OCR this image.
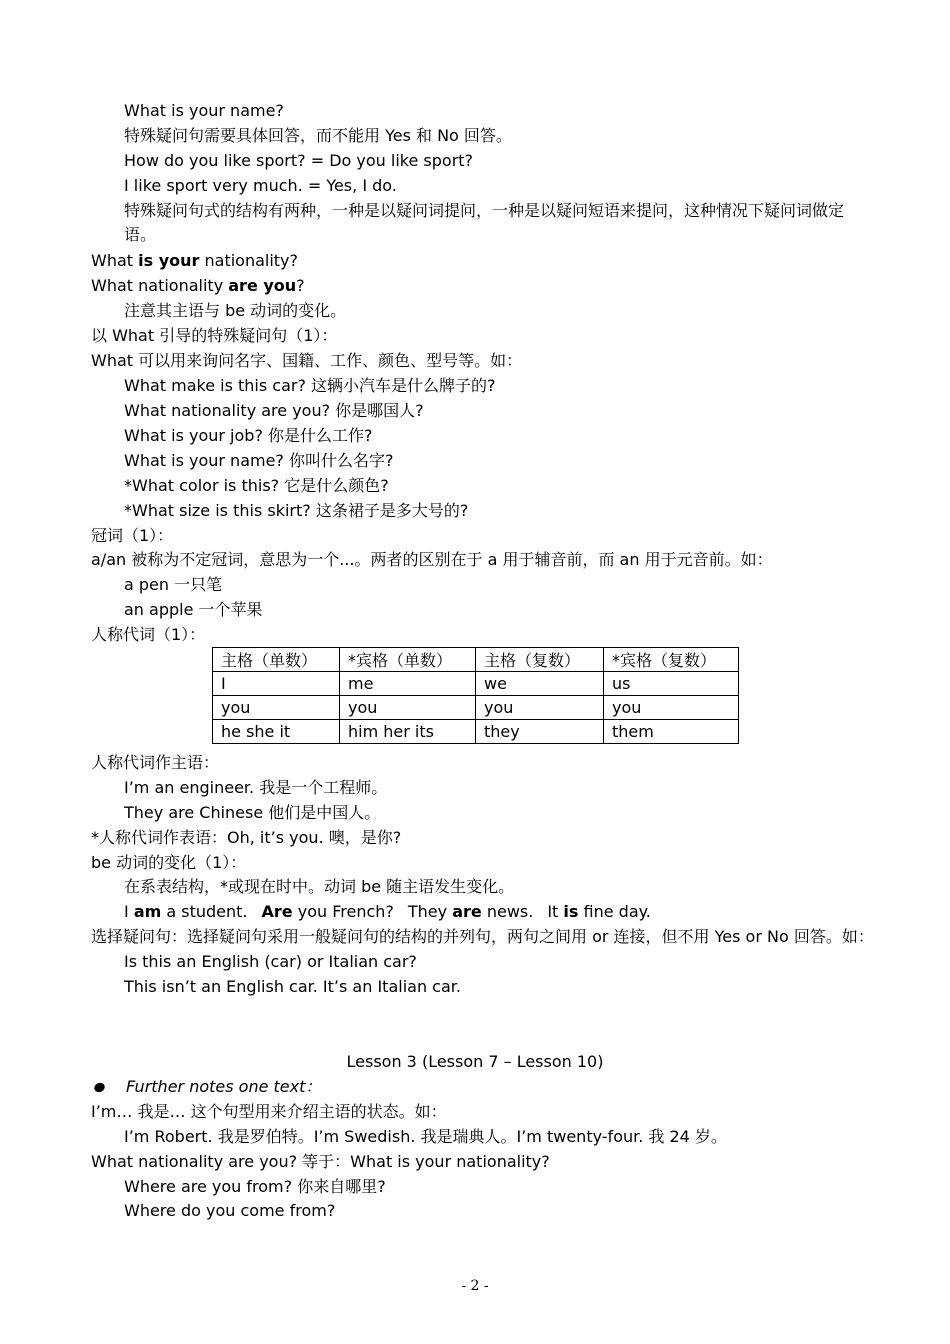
What is your name?
特殊疑问句需要具体回答，而不能用 Yes 和 No 回答。
How do you like sport? = Do you like sport?
I like sport very much. = Yes, I do.
特殊疑问句式的结构有两种，一种是以疑问词提问，一种是以疑问短语来提问，这种情况下疑问词做定语。
What is your nationality?
What nationality are you?
注意其主语与 be 动词的变化。
以 What 引导的特殊疑问句（1）：
What 可以用来询问名字、国籍、工作、颜色、型号等。如：
What make is this car? 这辆小汽车是什么牌子的?
What nationality are you? 你是哪国人?
What is your job? 你是什么工作?
What is your name? 你叫什么名字?
*What color is this? 它是什么颜色?
*What size is this skirt? 这条裙子是多大号的?
冠词（1）：
a/an 被称为不定冠词，意思为一个...。两者的区别在于 a 用于辅音前，而 an 用于元音前。如：
a pen 一只笔
an apple 一个苹果
人称代词（1）：
主格（单数）	*宾格（单数）	主格（复数）	*宾格（复数）
I	me	we	us
you	you	you	you
he she it	him her its	they	them
人称代词作主语：
I’m an engineer. 我是一个工程师。
They are Chinese 他们是中国人。
*人称代词作表语：Oh, it’s you. 噢，是你?
be 动词的变化（1）：
在系表结构，*或现在时中。动词 be 随主语发生变化。
I am a student. Are you French? They are news. It is fine day.
选择疑问句：选择疑问句采用一般疑问句的结构的并列句，两句之间用 or 连接，但不用 Yes or No 回答。如：
Is this an English (car) or Italian car?
This isn’t an English car. It’s an Italian car.
Lesson 3 (Lesson 7 – Lesson 10)
Further notes one text：
I’m… 我是… 这个句型用来介绍主语的状态。如：
I’m Robert. 我是罗伯特。I’m Swedish. 我是瑞典人。I’m twenty-four. 我 24 岁。
What nationality are you? 等于：What is your nationality?
Where are you from? 你来自哪里?
Where do you come from?
- 2 -
